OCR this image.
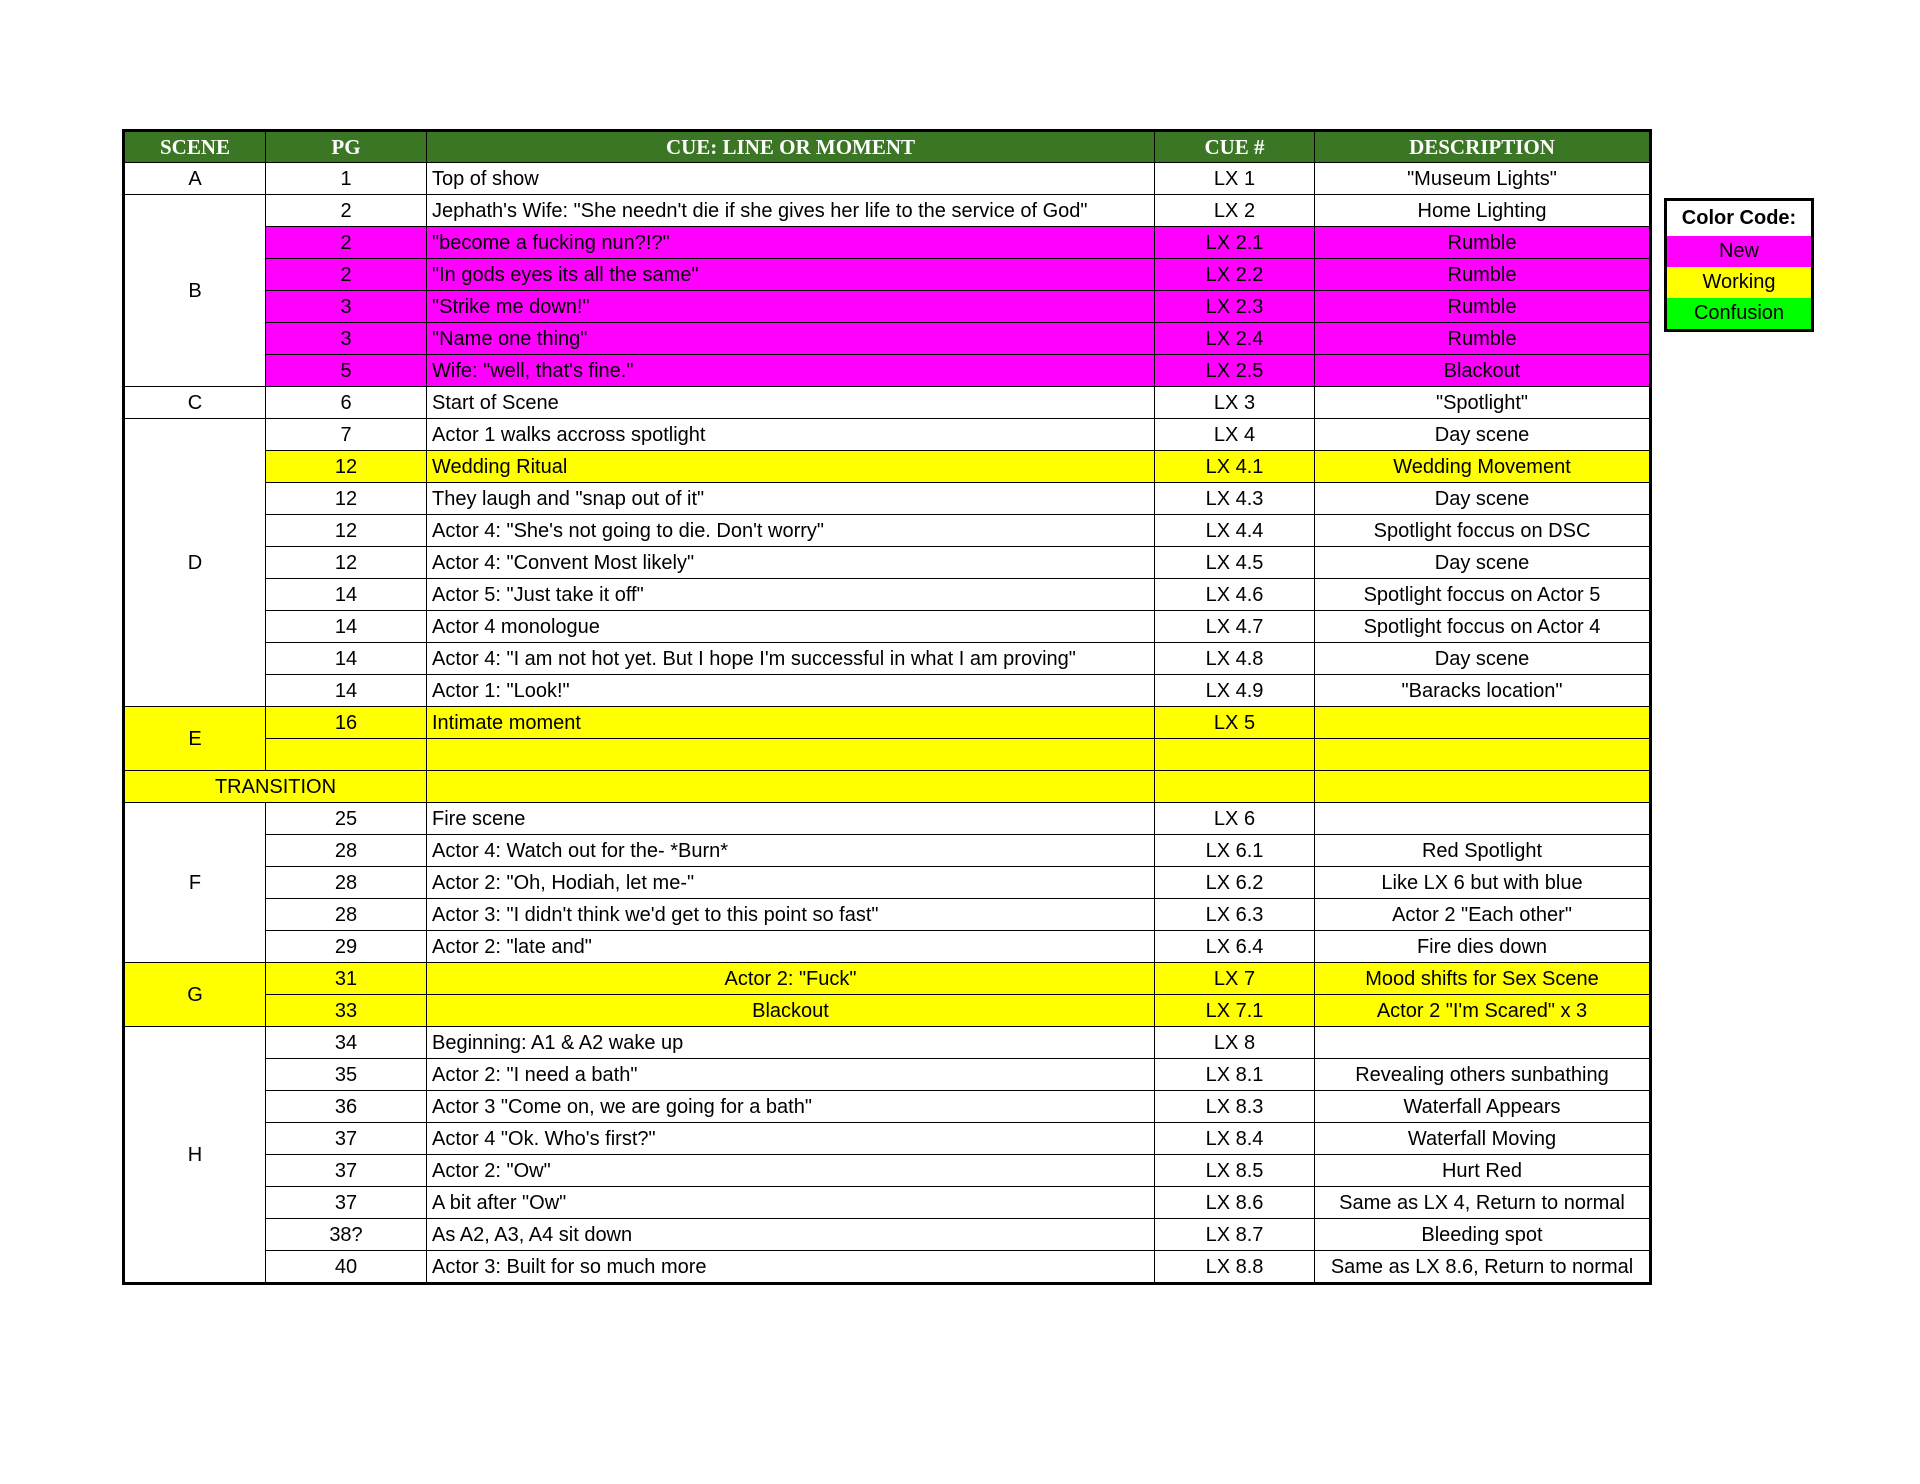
SCENE	PG	CUE: LINE OR MOMENT	CUE #	DESCRIPTION
A	1	Top of show	LX 1	"Museum Lights"
B	2	Jephath's Wife: "She needn't die if she gives her life to the service of God"	LX 2	Home Lighting
	2	"become a fucking nun?!?"	LX 2.1	Rumble
	2	"In gods eyes its all the same"	LX 2.2	Rumble
	3	"Strike me down!"	LX 2.3	Rumble
	3	"Name one thing"	LX 2.4	Rumble
	5	Wife: "well, that's fine."	LX 2.5	Blackout
C	6	Start of Scene	LX 3	"Spotlight"
D	7	Actor 1 walks accross spotlight	LX 4	Day scene
	12	Wedding Ritual	LX 4.1	Wedding Movement
	12	They laugh and "snap out of it"	LX 4.3	Day scene
	12	Actor 4: "She's not going to die. Don't worry"	LX 4.4	Spotlight foccus on DSC
	12	Actor 4: "Convent Most likely"	LX 4.5	Day scene
	14	Actor 5: "Just take it off"	LX 4.6	Spotlight foccus on Actor 5
	14	Actor 4 monologue	LX 4.7	Spotlight foccus on Actor 4
	14	Actor 4: "I am not hot yet. But I hope I'm successful in what I am proving"	LX 4.8	Day scene
	14	Actor 1: "Look!"	LX 4.9	"Baracks location"
E	16	Intimate moment	LX 5	

TRANSITION				
F	25	Fire scene	LX 6	
	28	Actor 4: Watch out for the- *Burn*	LX 6.1	Red Spotlight
	28	Actor 2: "Oh, Hodiah, let me-"	LX 6.2	Like LX 6 but with blue
	28	Actor 3: "I didn't think we'd get to this point so fast"	LX 6.3	Actor 2 "Each other"
	29	Actor 2: "late and"	LX 6.4	Fire dies down
G	31	Actor 2: "Fuck"	LX 7	Mood shifts for Sex Scene
	33	Blackout	LX 7.1	Actor 2 "I'm Scared" x 3
H	34	Beginning: A1 & A2 wake up	LX 8	
	35	Actor 2: "I need a bath"	LX 8.1	Revealing others sunbathing
	36	Actor 3 "Come on, we are going for a bath"	LX 8.3	Waterfall Appears
	37	Actor 4 "Ok. Who's first?"	LX 8.4	Waterfall Moving
	37	Actor 2: "Ow"	LX 8.5	Hurt Red
	37	A bit after "Ow"	LX 8.6	Same as LX 4, Return to normal
	38?	As A2, A3, A4 sit down	LX 8.7	Bleeding spot
	40	Actor 3: Built for so much more	LX 8.8	Same as LX 8.6, Return to normal
Color Code:
New
Working
Confusion
